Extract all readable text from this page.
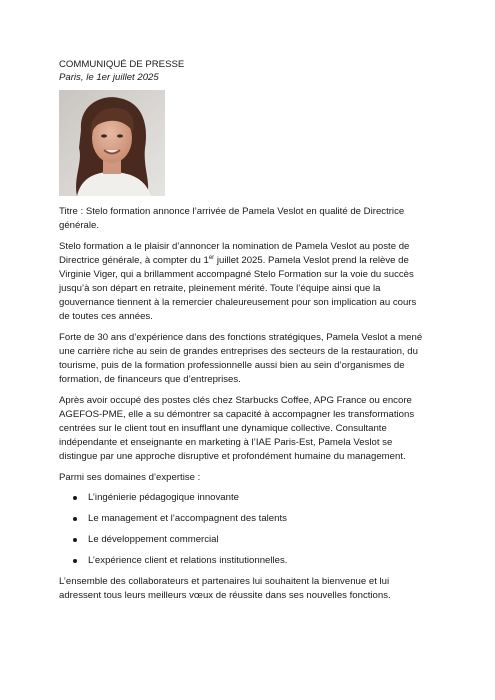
COMMUNIQUÉ DE PRESSE

Paris, le 1er juillet 2025

Titre : Stelo formation annonce l’arrivée de Pamela Veslot en qualité de Directrice générale.

Stelo formation a le plaisir d’annoncer la nomination de Pamela Veslot au poste de Directrice générale, à compter du 1er juillet 2025. Pamela Veslot prend la relève de Virginie Viger, qui a brillamment accompagné Stelo Formation sur la voie du succès jusqu’à son départ en retraite, pleinement mérité. Toute l’équipe ainsi que la gouvernance tiennent à la remercier chaleureusement pour son implication au cours de toutes ces années.

Forte de 30 ans d’expérience dans des fonctions stratégiques, Pamela Veslot a mené une carrière riche au sein de grandes entreprises des secteurs de la restauration, du tourisme, puis de la formation professionnelle aussi bien au sein d’organismes de formation, de financeurs que d’entreprises.

Après avoir occupé des postes clés chez Starbucks Coffee, APG France ou encore AGEFOS-PME, elle a su démontrer sa capacité à accompagner les transformations centrées sur le client tout en insufflant une dynamique collective. Consultante indépendante et enseignante en marketing à l’IAE Paris-Est, Pamela Veslot se distingue par une approche disruptive et profondément humaine du management.

Parmi ses domaines d’expertise :

L’ingénierie pédagogique innovante
Le management et l’accompagnent des talents
Le développement commercial
L’expérience client et relations institutionnelles.

L’ensemble des collaborateurs et partenaires lui souhaitent la bienvenue et lui adressent tous leurs meilleurs vœux de réussite dans ses nouvelles fonctions.
